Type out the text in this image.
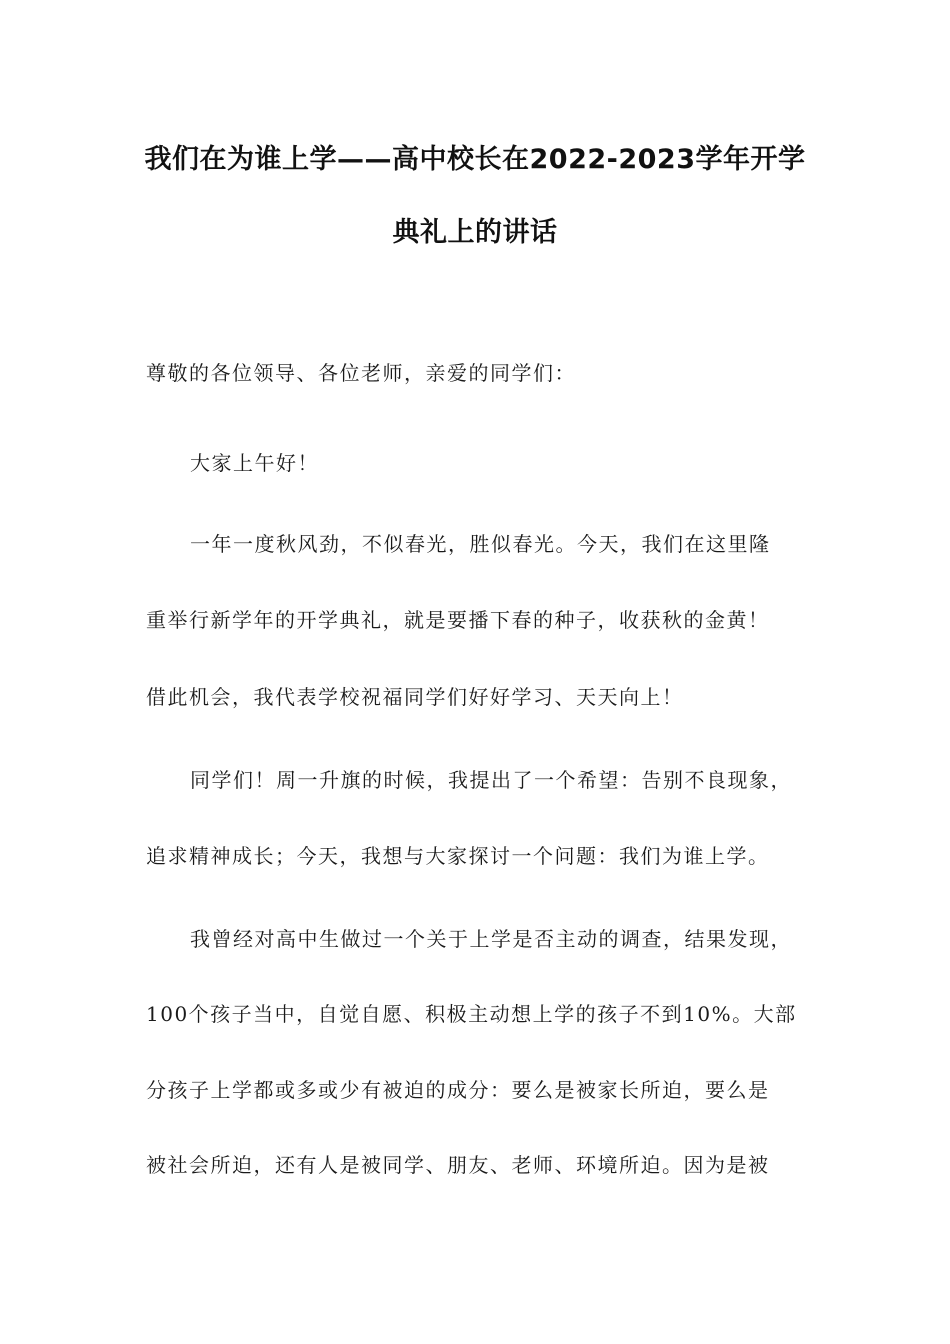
我们在为谁上学——高中校长在2022-2023学年开学
典礼上的讲话
尊敬的各位领导、各位老师，亲爱的同学们：
大家上午好！
一年一度秋风劲，不似春光，胜似春光。今天，我们在这里隆
重举行新学年的开学典礼，就是要播下春的种子，收获秋的金黄！
借此机会，我代表学校祝福同学们好好学习、天天向上！
同学们！周一升旗的时候，我提出了一个希望：告别不良现象，
追求精神成长；今天，我想与大家探讨一个问题：我们为谁上学。
我曾经对高中生做过一个关于上学是否主动的调查，结果发现，
100个孩子当中，自觉自愿、积极主动想上学的孩子不到10%。大部
分孩子上学都或多或少有被迫的成分：要么是被家长所迫，要么是
被社会所迫，还有人是被同学、朋友、老师、环境所迫。因为是被
